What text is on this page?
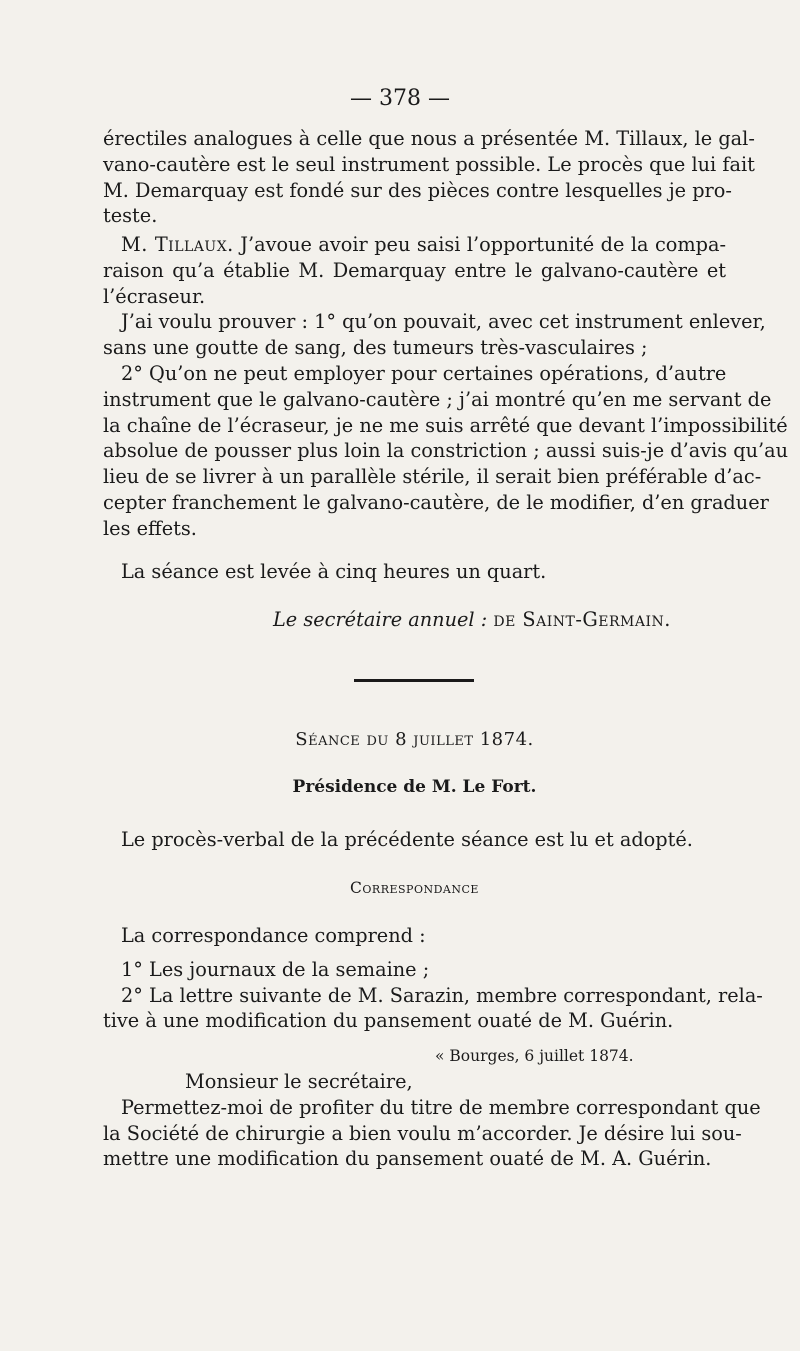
— 378 —
érectiles analogues à celle que nous a présentée M. Tillaux, le gal-
vano-cautère est le seul instrument possible. Le procès que lui fait
M. Demarquay est fondé sur des pièces contre lesquelles je pro-
teste.
M. Tillaux. J’avoue avoir peu saisi l’opportunité de la compa-
raison qu’a établie M. Demarquay entre le galvano-cautère et
l’écraseur.
J’ai voulu prouver : 1° qu’on pouvait, avec cet instrument enlever,
sans une goutte de sang, des tumeurs très-vasculaires ;
2° Qu’on ne peut employer pour certaines opérations, d’autre
instrument que le galvano-cautère ; j’ai montré qu’en me servant de
la chaîne de l’écraseur, je ne me suis arrêté que devant l’impossibilité
absolue de pousser plus loin la constriction ; aussi suis-je d’avis qu’au
lieu de se livrer à un parallèle stérile, il serait bien préférable d’ac-
cepter franchement le galvano-cautère, de le modifier, d’en graduer
les effets.
La séance est levée à cinq heures un quart.
Le secrétaire annuel : de Saint-Germain.
Séance du 8 juillet 1874.
Présidence de M. Le Fort.
Le procès-verbal de la précédente séance est lu et adopté.
Correspondance
La correspondance comprend :
1° Les journaux de la semaine ;
2° La lettre suivante de M. Sarazin, membre correspondant, rela-
tive à une modification du pansement ouaté de M. Guérin.
« Bourges, 6 juillet 1874.
Monsieur le secrétaire,
Permettez-moi de profiter du titre de membre correspondant que
la Société de chirurgie a bien voulu m’accorder. Je désire lui sou-
mettre une modification du pansement ouaté de M. A. Guérin.
